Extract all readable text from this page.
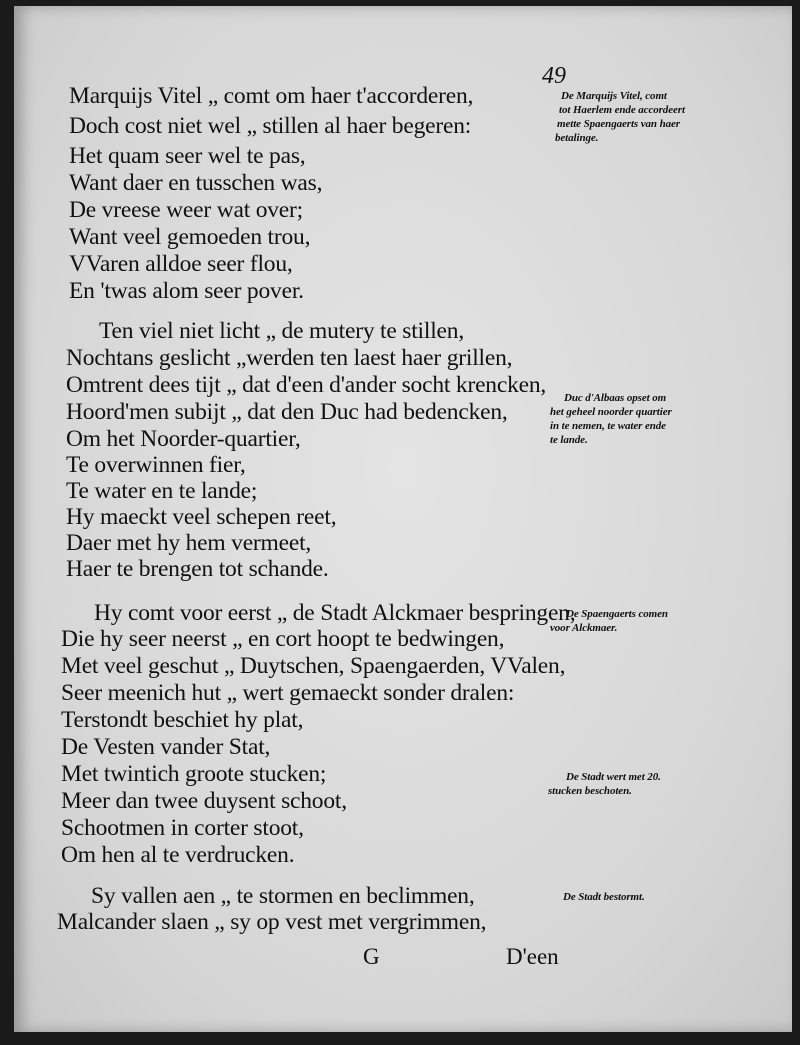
49
Marquijs Vitel „ comt om haer t'accorderen,
Doch cost niet wel „ stillen al haer begeren:
Het quam seer wel te pas,
Want daer en tusschen was,
De vreese weer wat over;
Want veel gemoeden trou,
VVaren alldoe seer flou,
En 'twas alom seer pover.
Ten viel niet licht „ de mutery te stillen,
Nochtans geslicht „werden ten laest haer grillen,
Omtrent dees tijt „ dat d'een d'ander socht krencken,
Hoord'men subijt „ dat den Duc had bedencken,
Om het Noorder-quartier,
Te overwinnen fier,
Te water en te lande;
Hy maeckt veel schepen reet,
Daer met hy hem vermeet,
Haer te brengen tot schande.
Hy comt voor eerst „ de Stadt Alckmaer bespringen,
Die hy seer neerst „ en cort hoopt te bedwingen,
Met veel geschut „ Duytschen, Spaengaerden, VValen,
Seer meenich hut „ wert gemaeckt sonder dralen:
Terstondt beschiet hy plat,
De Vesten vander Stat,
Met twintich groote stucken;
Meer dan twee duysent schoot,
Schootmen in corter stoot,
Om hen al te verdrucken.
Sy vallen aen „ te stormen en beclimmen,
Malcander slaen „ sy op vest met vergrimmen,
De Marquijs Vitel, comt
tot Haerlem ende accordeert
mette Spaengaerts van haer
betalinge.
Duc d'Albaas opset om
het geheel noorder quartier
in te nemen, te water ende
te lande.
De Spaengaerts comen
voor Alckmaer.
De Stadt wert met 20.
stucken beschoten.
De Stadt bestormt.
G	D'een
